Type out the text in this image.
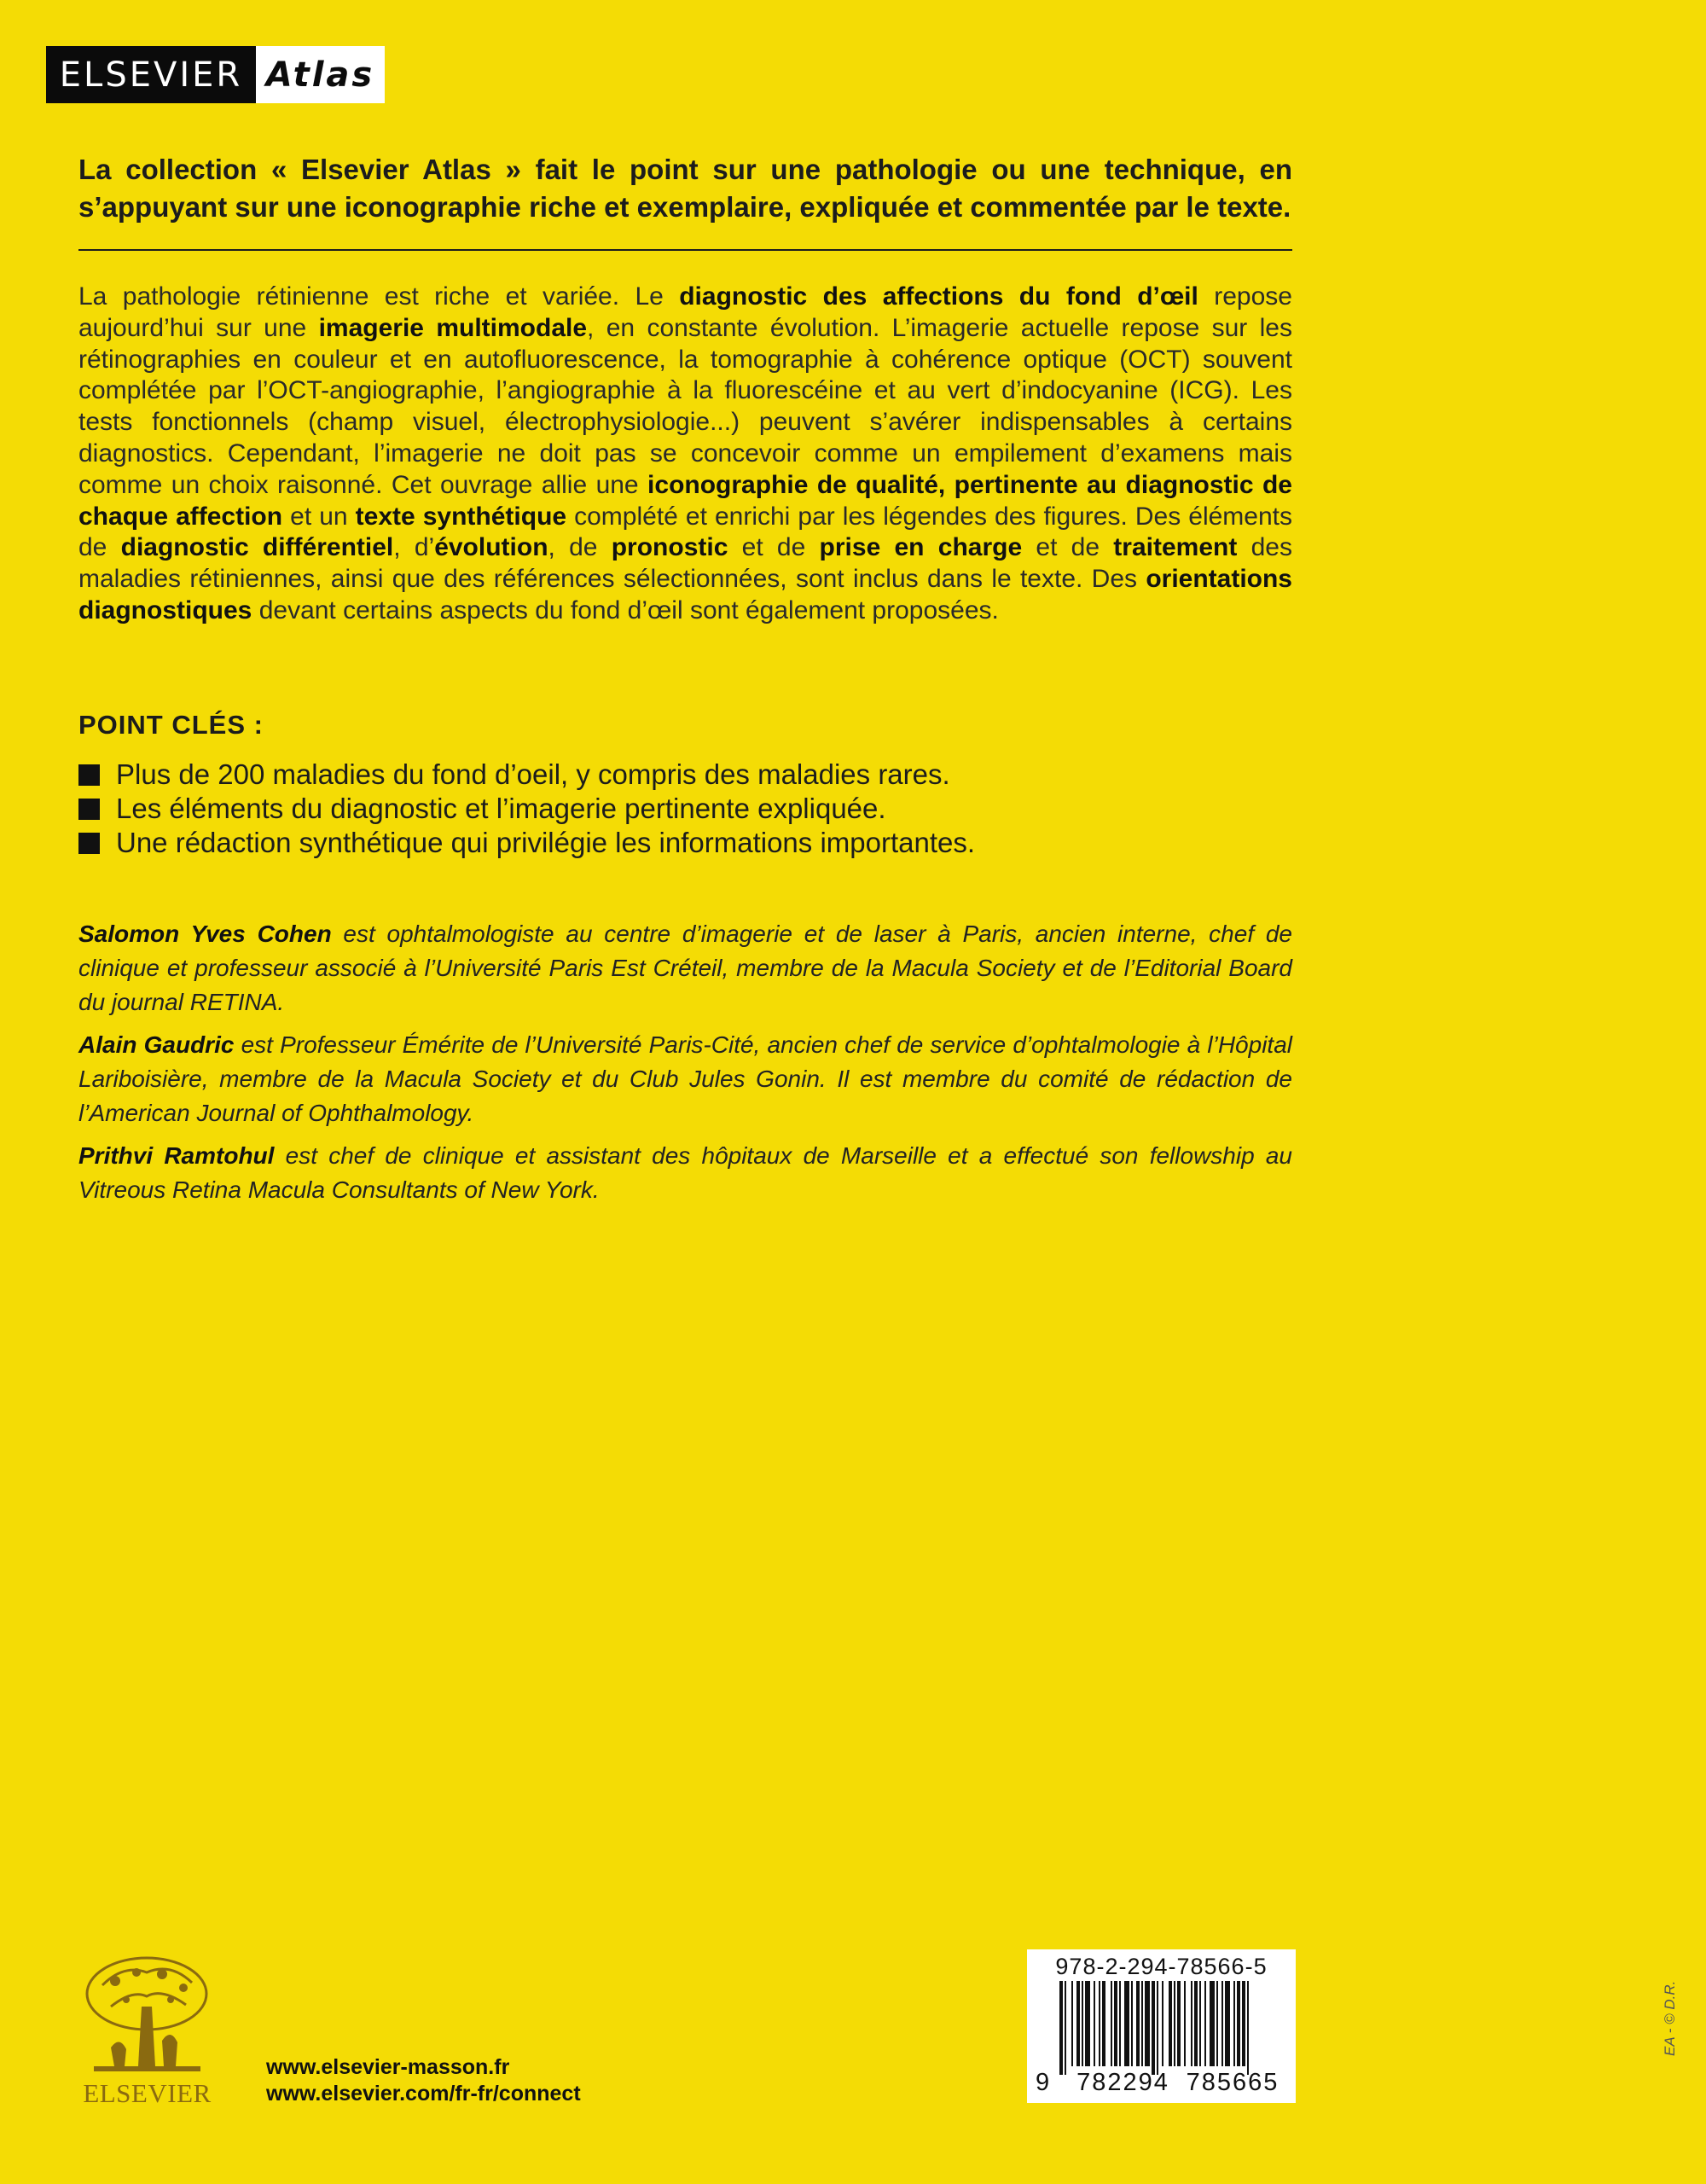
ELSEVIER Atlas

La collection « Elsevier Atlas » fait le point sur une pathologie ou une technique, en s’appuyant sur une iconographie riche et exemplaire, expliquée et commentée par le texte.

La pathologie rétinienne est riche et variée. Le diagnostic des affections du fond d’œil repose aujourd’hui sur une imagerie multimodale, en constante évolution. L’imagerie actuelle repose sur les rétinographies en couleur et en autofluorescence, la tomographie à cohérence optique (OCT) souvent complétée par l’OCT-angiographie, l’angiographie à la fluorescéine et au vert d’indocyanine (ICG). Les tests fonctionnels (champ visuel, électrophysiologie...) peuvent s’avérer indispensables à certains diagnostics. Cependant, l’imagerie ne doit pas se concevoir comme un empilement d’examens mais comme un choix raisonné. Cet ouvrage allie une iconographie de qualité, pertinente au diagnostic de chaque affection et un texte synthétique complété et enrichi par les légendes des figures. Des éléments de diagnostic différentiel, d’évolution, de pronostic et de prise en charge et de traitement des maladies rétiniennes, ainsi que des références sélectionnées, sont inclus dans le texte. Des orientations diagnostiques devant certains aspects du fond d’œil sont également proposées.

POINT CLÉS :
Plus de 200 maladies du fond d’oeil, y compris des maladies rares.
Les éléments du diagnostic et l’imagerie pertinente expliquée.
Une rédaction synthétique qui privilégie les informations importantes.

Salomon Yves Cohen est ophtalmologiste au centre d’imagerie et de laser à Paris, ancien interne, chef de clinique et professeur associé à l’Université Paris Est Créteil, membre de la Macula Society et de l’Editorial Board du journal RETINA.

Alain Gaudric est Professeur Émérite de l’Université Paris-Cité, ancien chef de service d’ophtalmologie à l’Hôpital Lariboisière, membre de la Macula Society et du Club Jules Gonin. Il est membre du comité de rédaction de l’American Journal of Ophthalmology.

Prithvi Ramtohul est chef de clinique et assistant des hôpitaux de Marseille et a effectué son fellowship au Vitreous Retina Macula Consultants of New York.

ELSEVIER
www.elsevier-masson.fr
www.elsevier.com/fr-fr/connect
978-2-294-78566-5
9 782294 785665
EA - © D.R.
